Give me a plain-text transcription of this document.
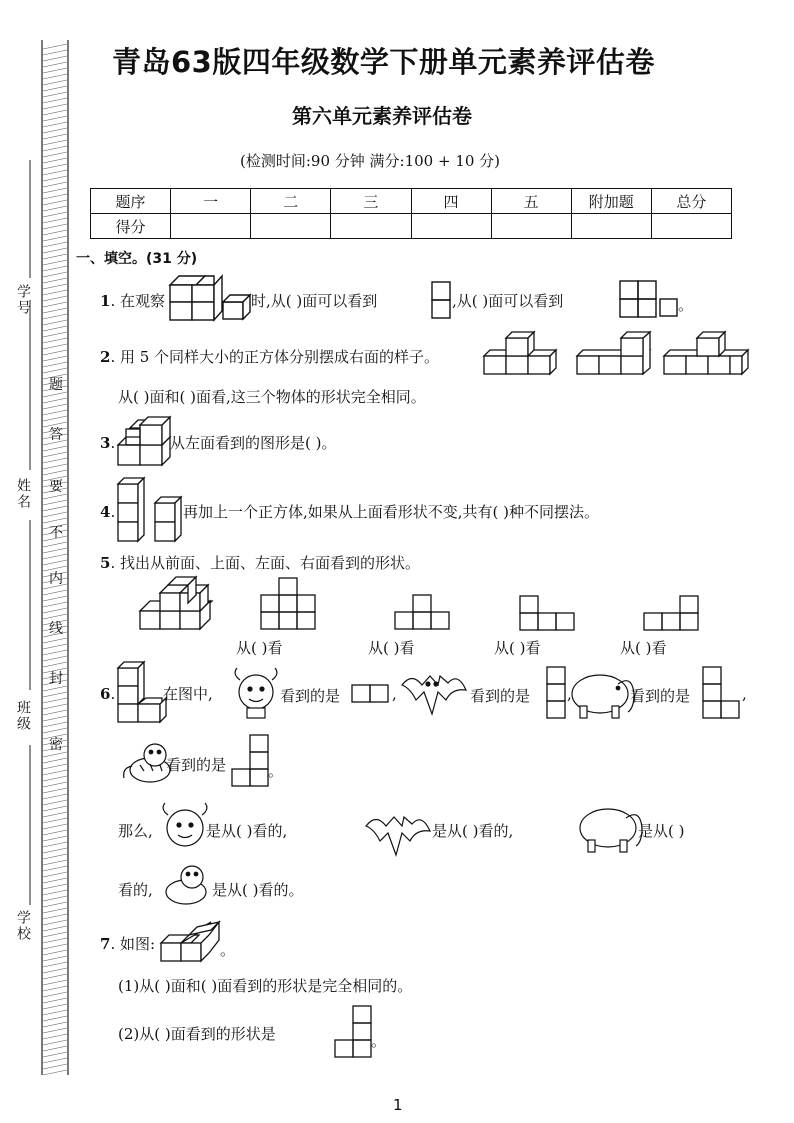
学号
姓名
班级
学校
题
答
要
不
内
线
封
密
青岛63版四年级数学下册单元素养评估卷
第六单元素养评估卷
(检测时间:90 分钟 满分:100 + 10 分)
题序	一	二	三	四	五	附加题	总分
得分							
一、填空。(31 分)
1. 在观察	时,从( )面可以看到	,从( )面可以看到	。
2. 用 5 个同样大小的正方体分别摆成右面的样子。
从( )面和( )面看,这三个物体的形状完全相同。
3.	从左面看到的图形是( )。
4.	再加上一个正方体,如果从上面看形状不变,共有( )种不同摆法。
5. 找出从前面、上面、左面、右面看到的形状。
从( )看	从( )看	从( )看	从( )看
6.	在图中,	看到的是	,	看到的是 ,	看到的是	,
看到的是	。
那么,	是从( )看的,	是从( )看的,	是从( )
看的,	是从( )看的。
7. 如图:	。
(1)从( )面和( )面看到的形状是完全相同的。
(2)从( )面看到的形状是	。
1
